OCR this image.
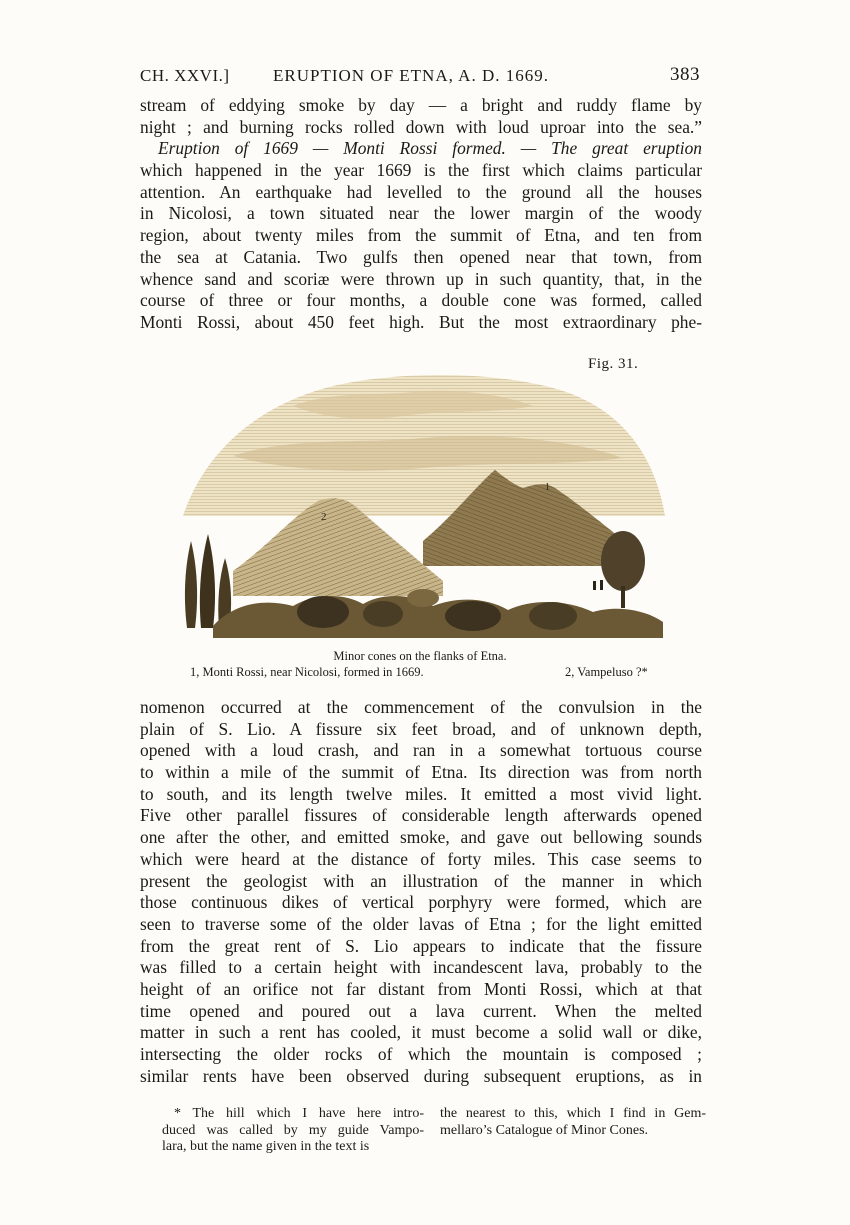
CH. XXVI.]	ERUPTION OF ETNA, A. D. 1669.	383
stream of eddying smoke by day — a bright and ruddy flame by
night ; and burning rocks rolled down with loud uproar into the sea.”
Eruption of 1669 — Monti Rossi formed. — The great eruption
which happened in the year 1669 is the first which claims particular
attention. An earthquake had levelled to the ground all the houses
in Nicolosi, a town situated near the lower margin of the woody
region, about twenty miles from the summit of Etna, and ten from
the sea at Catania. Two gulfs then opened near that town, from
whence sand and scoriæ were thrown up in such quantity, that, in the
course of three or four months, a double cone was formed, called
Monti Rossi, about 450 feet high. But the most extraordinary phe-
Fig. 31.
2
1
Minor cones on the flanks of Etna.
1, Monti Rossi, near Nicolosi, formed in 1669.	2, Vampeluso ?*
nomenon occurred at the commencement of the convulsion in the
plain of S. Lio. A fissure six feet broad, and of unknown depth,
opened with a loud crash, and ran in a somewhat tortuous course
to within a mile of the summit of Etna. Its direction was from north
to south, and its length twelve miles. It emitted a most vivid light.
Five other parallel fissures of considerable length afterwards opened
one after the other, and emitted smoke, and gave out bellowing sounds
which were heard at the distance of forty miles. This case seems to
present the geologist with an illustration of the manner in which
those continuous dikes of vertical porphyry were formed, which are
seen to traverse some of the older lavas of Etna ; for the light emitted
from the great rent of S. Lio appears to indicate that the fissure
was filled to a certain height with incandescent lava, probably to the
height of an orifice not far distant from Monti Rossi, which at that
time opened and poured out a lava current. When the melted
matter in such a rent has cooled, it must become a solid wall or dike,
intersecting the older rocks of which the mountain is composed ;
similar rents have been observed during subsequent eruptions, as in
* The hill which I have here intro-
duced was called by my guide Vampo-
lara, but the name given in the text is
the nearest to this, which I find in Gem-
mellaro’s Catalogue of Minor Cones.
